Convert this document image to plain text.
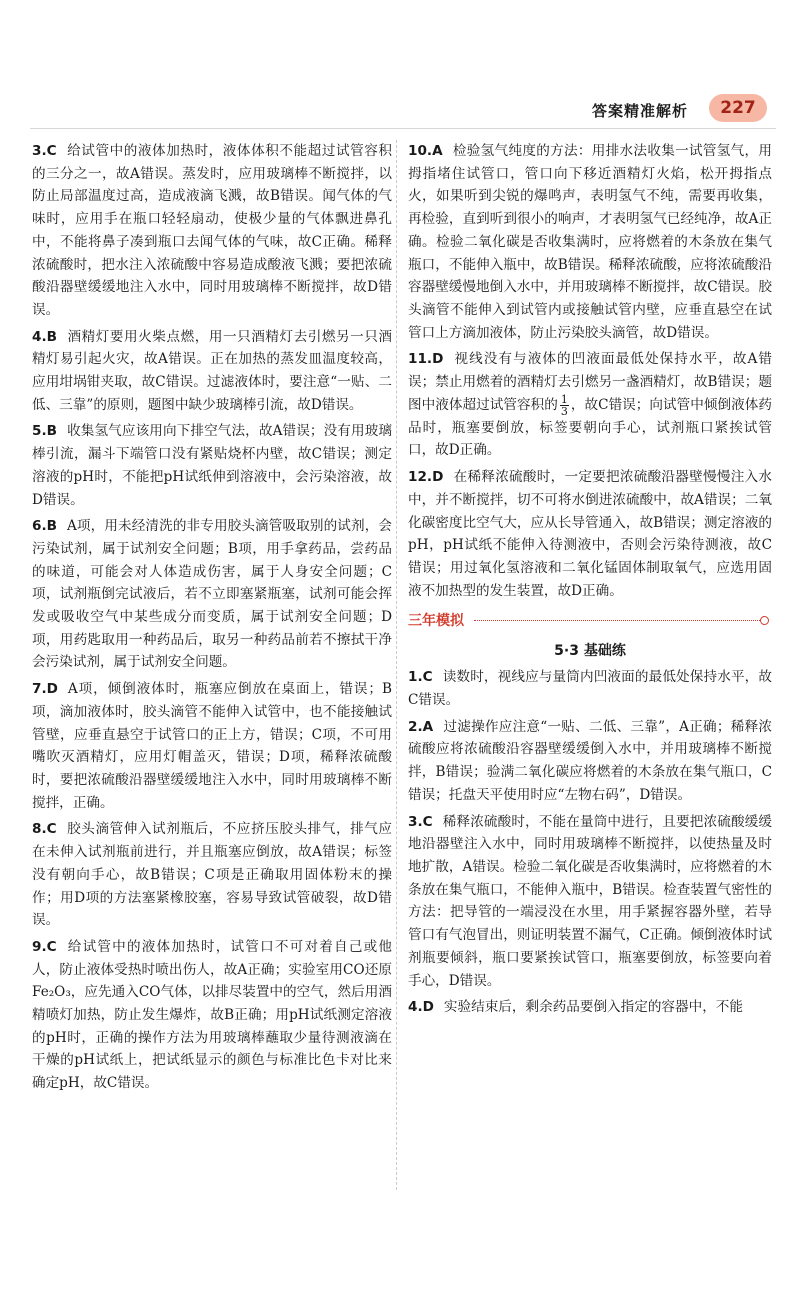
答案精准解析	227

3.C 给试管中的液体加热时，液体体积不能超过试管容积的三分之一，故A错误。蒸发时，应用玻璃棒不断搅拌，以防止局部温度过高，造成液滴飞溅，故B错误。闻气体的气味时，应用手在瓶口轻轻扇动，使极少量的气体飘进鼻孔中，不能将鼻子凑到瓶口去闻气体的气味，故C正确。稀释浓硫酸时，把水注入浓硫酸中容易造成酸液飞溅；要把浓硫酸沿器壁缓缓地注入水中，同时用玻璃棒不断搅拌，故D错误。

4.B 酒精灯要用火柴点燃，用一只酒精灯去引燃另一只酒精灯易引起火灾，故A错误。正在加热的蒸发皿温度较高，应用坩埚钳夹取，故C错误。过滤液体时，要注意“一贴、二低、三靠”的原则，题图中缺少玻璃棒引流，故D错误。

5.B 收集氢气应该用向下排空气法，故A错误；没有用玻璃棒引流，漏斗下端管口没有紧贴烧杯内壁，故C错误；测定溶液的pH时，不能把pH试纸伸到溶液中，会污染溶液，故D错误。

6.B A项，用未经清洗的非专用胶头滴管吸取别的试剂，会污染试剂，属于试剂安全问题；B项，用手拿药品，尝药品的味道，可能会对人体造成伤害，属于人身安全问题；C项，试剂瓶倒完试液后，若不立即塞紧瓶塞，试剂可能会挥发或吸收空气中某些成分而变质，属于试剂安全问题；D项，用药匙取用一种药品后，取另一种药品前若不擦拭干净会污染试剂，属于试剂安全问题。

7.D A项，倾倒液体时，瓶塞应倒放在桌面上，错误；B项，滴加液体时，胶头滴管不能伸入试管中，也不能接触试管壁，应垂直悬空于试管口的正上方，错误；C项，不可用嘴吹灭酒精灯，应用灯帽盖灭，错误；D项，稀释浓硫酸时，要把浓硫酸沿器壁缓缓地注入水中，同时用玻璃棒不断搅拌，正确。

8.C 胶头滴管伸入试剂瓶后，不应挤压胶头排气，排气应在未伸入试剂瓶前进行，并且瓶塞应倒放，故A错误；标签没有朝向手心，故B错误；C项是正确取用固体粉末的操作；用D项的方法塞紧橡胶塞，容易导致试管破裂，故D错误。

9.C 给试管中的液体加热时，试管口不可对着自己或他人，防止液体受热时喷出伤人，故A正确；实验室用CO还原Fe₂O₃，应先通入CO气体，以排尽装置中的空气，然后用酒精喷灯加热，防止发生爆炸，故B正确；用pH试纸测定溶液的pH时，正确的操作方法为用玻璃棒蘸取少量待测液滴在干燥的pH试纸上，把试纸显示的颜色与标准比色卡对比来确定pH，故C错误。

10.A 检验氢气纯度的方法：用排水法收集一试管氢气，用拇指堵住试管口，管口向下移近酒精灯火焰，松开拇指点火，如果听到尖锐的爆鸣声，表明氢气不纯，需要再收集，再检验，直到听到很小的响声，才表明氢气已经纯净，故A正确。检验二氧化碳是否收集满时，应将燃着的木条放在集气瓶口，不能伸入瓶中，故B错误。稀释浓硫酸，应将浓硫酸沿容器壁缓慢地倒入水中，并用玻璃棒不断搅拌，故C错误。胶头滴管不能伸入到试管内或接触试管内壁，应垂直悬空在试管口上方滴加液体，防止污染胶头滴管，故D错误。

11.D 视线没有与液体的凹液面最低处保持水平，故A错误；禁止用燃着的酒精灯去引燃另一盏酒精灯，故B错误；题图中液体超过试管容积的 $\frac{1}{3}$ ，故C错误；向试管中倾倒液体药品时，瓶塞要倒放，标签要朝向手心，试剂瓶口紧挨试管口，故D正确。

12.D 在稀释浓硫酸时，一定要把浓硫酸沿器壁慢慢注入水中，并不断搅拌，切不可将水倒进浓硫酸中，故A错误；二氧化碳密度比空气大，应从长导管通入，故B错误；测定溶液的pH，pH试纸不能伸入待测液中，否则会污染待测液，故C错误；用过氧化氢溶液和二氧化锰固体制取氧气，应选用固液不加热型的发生装置，故D正确。

三年模拟
5·3 基础练

1.C 读数时，视线应与量筒内凹液面的最低处保持水平，故C错误。

2.A 过滤操作应注意“一贴、二低、三靠”，A正确；稀释浓硫酸应将浓硫酸沿容器壁缓缓倒入水中，并用玻璃棒不断搅拌，B错误；验满二氧化碳应将燃着的木条放在集气瓶口，C错误；托盘天平使用时应“左物右码”，D错误。

3.C 稀释浓硫酸时，不能在量筒中进行，且要把浓硫酸缓缓地沿器壁注入水中，同时用玻璃棒不断搅拌，以使热量及时地扩散，A错误。检验二氧化碳是否收集满时，应将燃着的木条放在集气瓶口，不能伸入瓶中，B错误。检查装置气密性的方法：把导管的一端浸没在水里，用手紧握容器外壁，若导管口有气泡冒出，则证明装置不漏气，C正确。倾倒液体时试剂瓶要倾斜，瓶口要紧挨试管口，瓶塞要倒放，标签要向着手心，D错误。

4.D 实验结束后，剩余药品要倒入指定的容器中，不能
